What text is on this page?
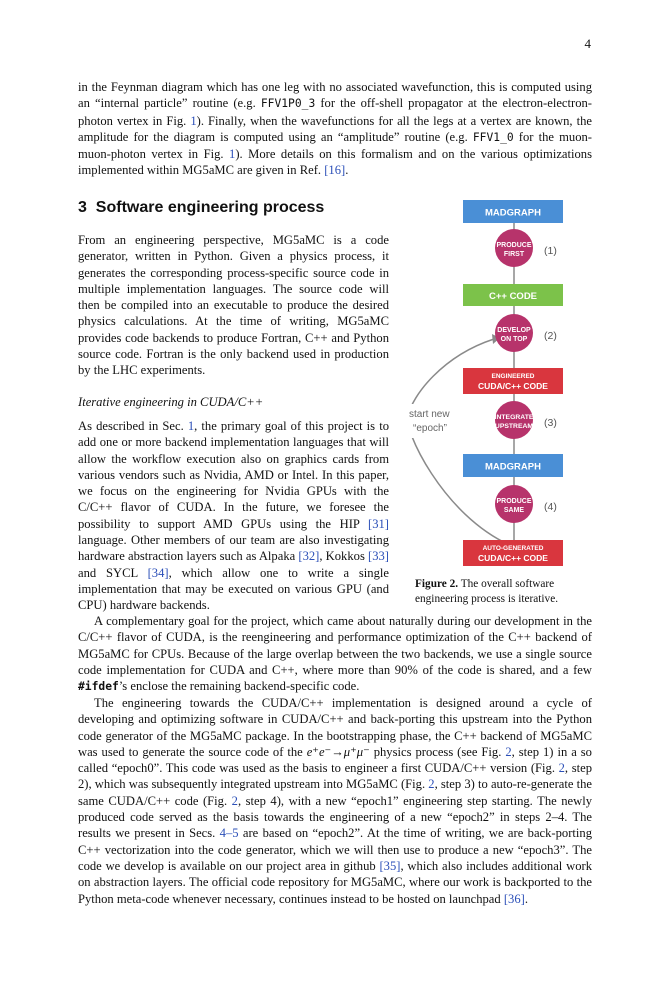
4

in the Feynman diagram which has one leg with no associated wavefunction, this is computed using an “internal particle” routine (e.g. FFV1P0_3 for the off-shell propagator at the electron-electron-photon vertex in Fig. 1). Finally, when the wavefunctions for all the legs at a vertex are known, the amplitude for the diagram is computed using an “amplitude” routine (e.g. FFV1_0 for the muon-muon-photon vertex in Fig. 1). More details on this formalism and on the various optimizations implemented within MG5aMC are given in Ref. [16].

3 Software engineering process

From an engineering perspective, MG5aMC is a code generator, written in Python. Given a physics process, it generates the corresponding process-specific source code in multiple implementation languages. The source code will then be compiled into an executable to produce the desired physics calculations. At the time of writing, MG5aMC provides code backends to produce Fortran, C++ and Python source code. Fortran is the only backend used in production by the LHC experiments.

Iterative engineering in CUDA/C++

As described in Sec. 1, the primary goal of this project is to add one or more backend implementation languages that will allow the workflow execution also on graphics cards from various vendors such as Nvidia, AMD or Intel. In this paper, we focus on the engineering for Nvidia GPUs with the C/C++ flavor of CUDA. In the future, we foresee the possibility to support AMD GPUs using the HIP [31] language. Other members of our team are also investigating hardware abstraction layers such as Alpaka [32], Kokkos [33] and SYCL [34], which allow one to write a single implementation that may be executed on various GPU (and CPU) hardware backends.

start new
“epoch”
MADGRAPH
PRODUCE
FIRST (1)
C++ CODE
DEVELOP
ON TOP (2)
ENGINEERED
CUDA/C++ CODE
INTEGRATE
UPSTREAM (3)
MADGRAPH
PRODUCE
SAME (4)
AUTO-GENERATED
CUDA/C++ CODE

Figure 2. The overall software engineering process is iterative.

A complementary goal for the project, which came about naturally during our development in the C/C++ flavor of CUDA, is the reengineering and performance optimization of the C++ backend of MG5aMC for CPUs. Because of the large overlap between the two backends, we use a single source code implementation for CUDA and C++, where more than 90% of the code is shared, and a few #ifdef’s enclose the remaining backend-specific code.

The engineering towards the CUDA/C++ implementation is designed around a cycle of developing and optimizing software in CUDA/C++ and back-porting this upstream into the Python code generator of the MG5aMC package. In the bootstrapping phase, the C++ backend of MG5aMC was used to generate the source code of the e⁺e⁻→μ⁺μ⁻ physics process (see Fig. 2, step 1) in a so called “epoch0”. This code was used as the basis to engineer a first CUDA/C++ version (Fig. 2, step 2), which was subsequently integrated upstream into MG5aMC (Fig. 2, step 3) to auto-re-generate the same CUDA/C++ code (Fig. 2, step 4), with a new “epoch1” engineering step starting. The newly produced code served as the basis towards the engineering of a new “epoch2” in steps 2–4. The results we present in Secs. 4–5 are based on “epoch2”. At the time of writing, we are back-porting C++ vectorization into the code generator, which we will then use to produce a new “epoch3”. The code we develop is available on our project area in github [35], which also includes additional work on abstraction layers. The official code repository for MG5aMC, where our work is backported to the Python meta-code whenever necessary, continues instead to be hosted on launchpad [36].
